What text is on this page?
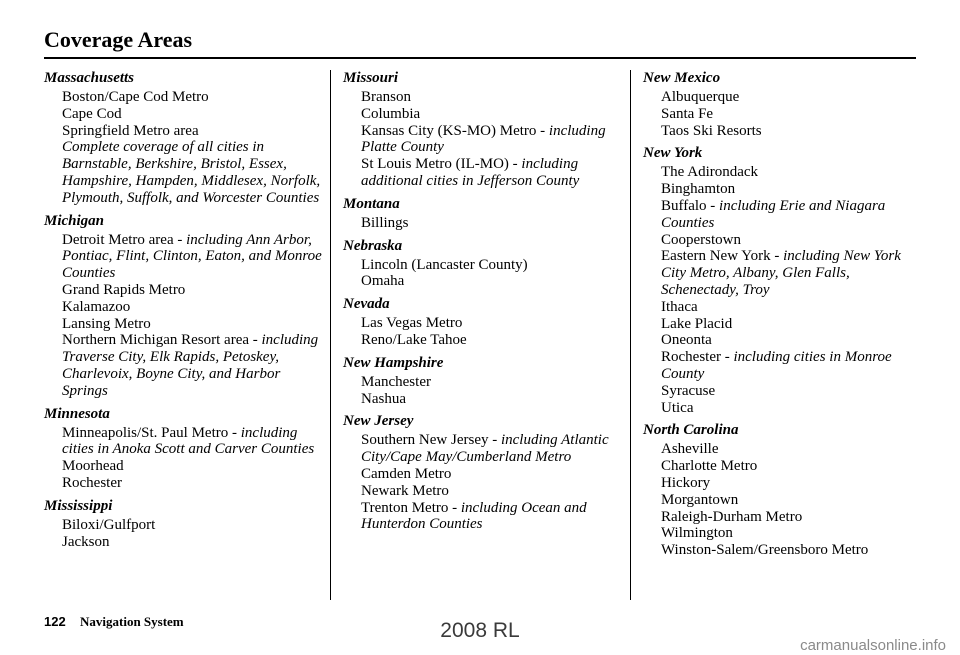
Coverage Areas
Massachusetts
Boston/Cape Cod Metro
Cape Cod
Springfield Metro area
Complete coverage of all cities in Barnstable, Berkshire, Bristol, Essex, Hampshire, Hampden, Middlesex, Norfolk, Plymouth, Suffolk, and Worcester Counties
Michigan
Detroit Metro area - including Ann Arbor, Pontiac, Flint, Clinton, Eaton, and Monroe Counties
Grand Rapids Metro
Kalamazoo
Lansing Metro
Northern Michigan Resort area - including Traverse City, Elk Rapids, Petoskey, Charlevoix, Boyne City, and Harbor Springs
Minnesota
Minneapolis/St. Paul Metro - including cities in Anoka Scott and Carver Counties
Moorhead
Rochester
Mississippi
Biloxi/Gulfport
Jackson
Missouri
Branson
Columbia
Kansas City (KS-MO) Metro - including Platte County
St Louis Metro (IL-MO) - including additional cities in Jefferson County
Montana
Billings
Nebraska
Lincoln (Lancaster County)
Omaha
Nevada
Las Vegas Metro
Reno/Lake Tahoe
New Hampshire
Manchester
Nashua
New Jersey
Southern New Jersey - including Atlantic City/Cape May/Cumberland Metro
Camden Metro
Newark Metro
Trenton Metro - including Ocean and Hunterdon Counties
New Mexico
Albuquerque
Santa Fe
Taos Ski Resorts
New York
The Adirondack
Binghamton
Buffalo - including Erie and Niagara Counties
Cooperstown
Eastern New York - including New York City Metro, Albany, Glen Falls, Schenectady, Troy
Ithaca
Lake Placid
Oneonta
Rochester - including cities in Monroe County
Syracuse
Utica
North Carolina
Asheville
Charlotte Metro
Hickory
Morgantown
Raleigh-Durham Metro
Wilmington
Winston-Salem/Greensboro Metro
122 Navigation System	2008 RL
carmanualsonline.info
